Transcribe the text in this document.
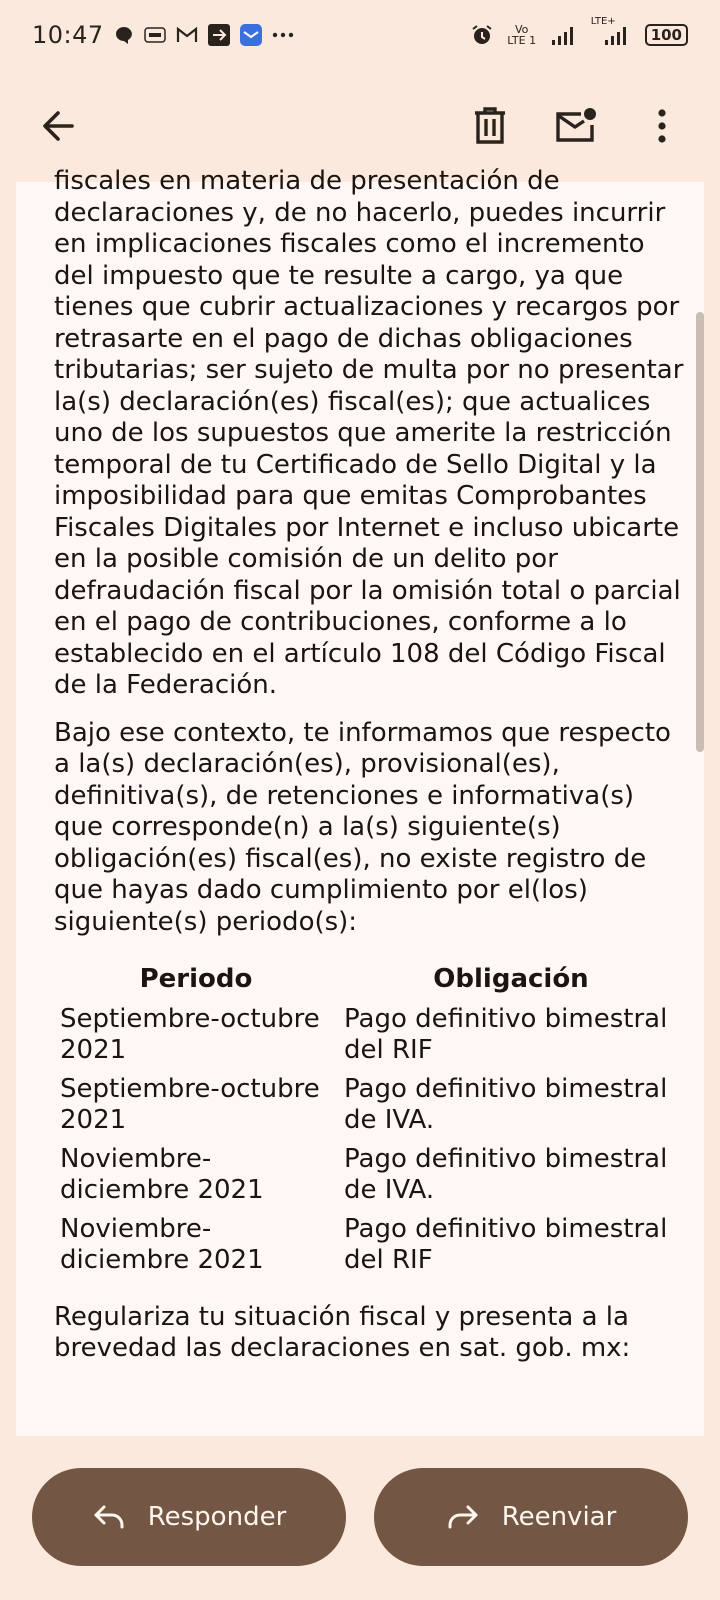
10:47	Vo LTE 1
LTE+
100

fiscales en materia de presentación de declaraciones y, de no hacerlo, puedes incurrir en implicaciones fiscales como el incremento del impuesto que te resulte a cargo, ya que tienes que cubrir actualizaciones y recargos por retrasarte en el pago de dichas obligaciones tributarias; ser sujeto de multa por no presentar la(s) declaración(es) fiscal(es); que actualices uno de los supuestos que amerite la restricción temporal de tu Certificado de Sello Digital y la imposibilidad para que emitas Comprobantes Fiscales Digitales por Internet e incluso ubicarte en la posible comisión de un delito por defraudación fiscal por la omisión total o parcial en el pago de contribuciones, conforme a lo establecido en el artículo 108 del Código Fiscal de la Federación.

Bajo ese contexto, te informamos que respecto a la(s) declaración(es), provisional(es), definitiva(s), de retenciones e informativa(s) que corresponde(n) a la(s) siguiente(s) obligación(es) fiscal(es), no existe registro de que hayas dado cumplimiento por el(los) siguiente(s) periodo(s):

Periodo	Obligación
Septiembre-octubre 2021	Pago definitivo bimestral del RIF
Septiembre-octubre 2021	Pago definitivo bimestral de IVA.
Noviembre-diciembre 2021	Pago definitivo bimestral de IVA.
Noviembre-diciembre 2021	Pago definitivo bimestral del RIF

Regulariza tu situación fiscal y presenta a la brevedad las declaraciones en sat. gob. mx:

Responder	Reenviar
